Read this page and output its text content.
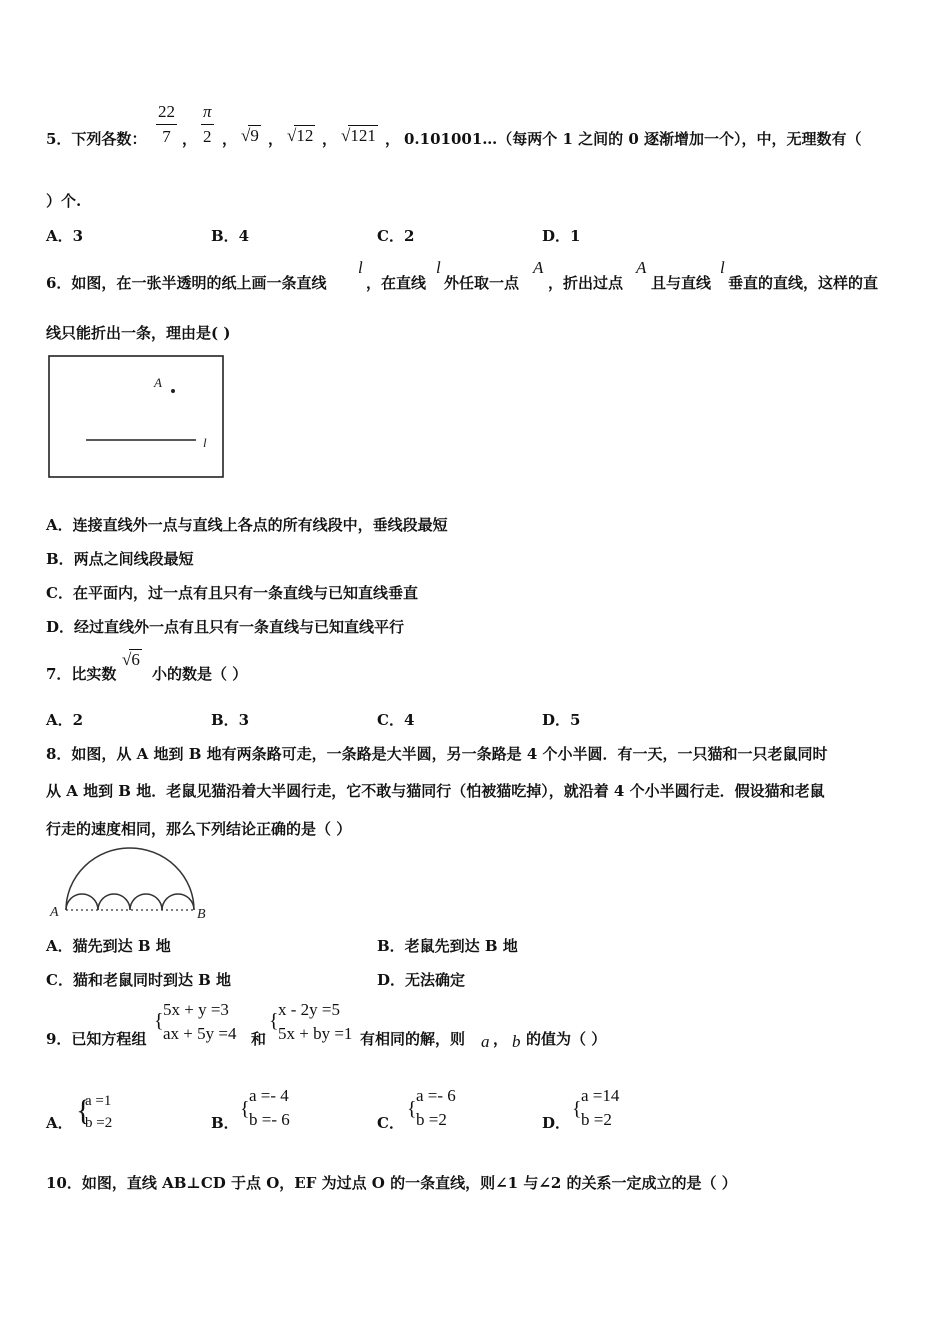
5．下列各数：
22
7 ，
π
2 ， √9 ， √12 ， √121 ， 0.101001…（每两个 1 之间的 0 逐渐增加一个），中，无理数有（
）个.
A．3	B．4	C．2	D．1
6．如图，在一张半透明的纸上画一条直线
l
，在直线
l
外任取一点
A
，折出过点
A
且与直线
l
垂直的直线，这样的直
线只能折出一条，理由是( )
A
l
A．连接直线外一点与直线上各点的所有线段中，垂线段最短
B．两点之间线段最短
C．在平面内，过一点有且只有一条直线与已知直线垂直
D．经过直线外一点有且只有一条直线与已知直线平行
7．比实数
√6
小的数是（ ）
A．2	B．3	C．4	D．5
8．如图，从 A 地到 B 地有两条路可走，一条路是大半圆，另一条路是 4 个小半圆．有一天，一只猫和一只老鼠同时
从 A 地到 B 地．老鼠见猫沿着大半圆行走，它不敢与猫同行（怕被猫吃掉），就沿着 4 个小半圆行走．假设猫和老鼠
行走的速度相同，那么下列结论正确的是（ ）
A	B
A．猫先到达 B 地	B．老鼠先到达 B 地
C．猫和老鼠同时到达 B 地	D．无法确定
9．已知方程组
{
5x + y =3
ax + 5y =4 和
{
x - 2y =5
5x + by =1 有相同的解，则 a ， b 的值为（ ）
A． {
a =1
b =2	B．
{
a =- 4
b =- 6	C．
{
a =- 6
b =2	D．
{
a =14
b =2
10．如图，直线 AB⊥CD 于点 O，EF 为过点 O 的一条直线，则∠1 与∠2 的关系一定成立的是（ ）
